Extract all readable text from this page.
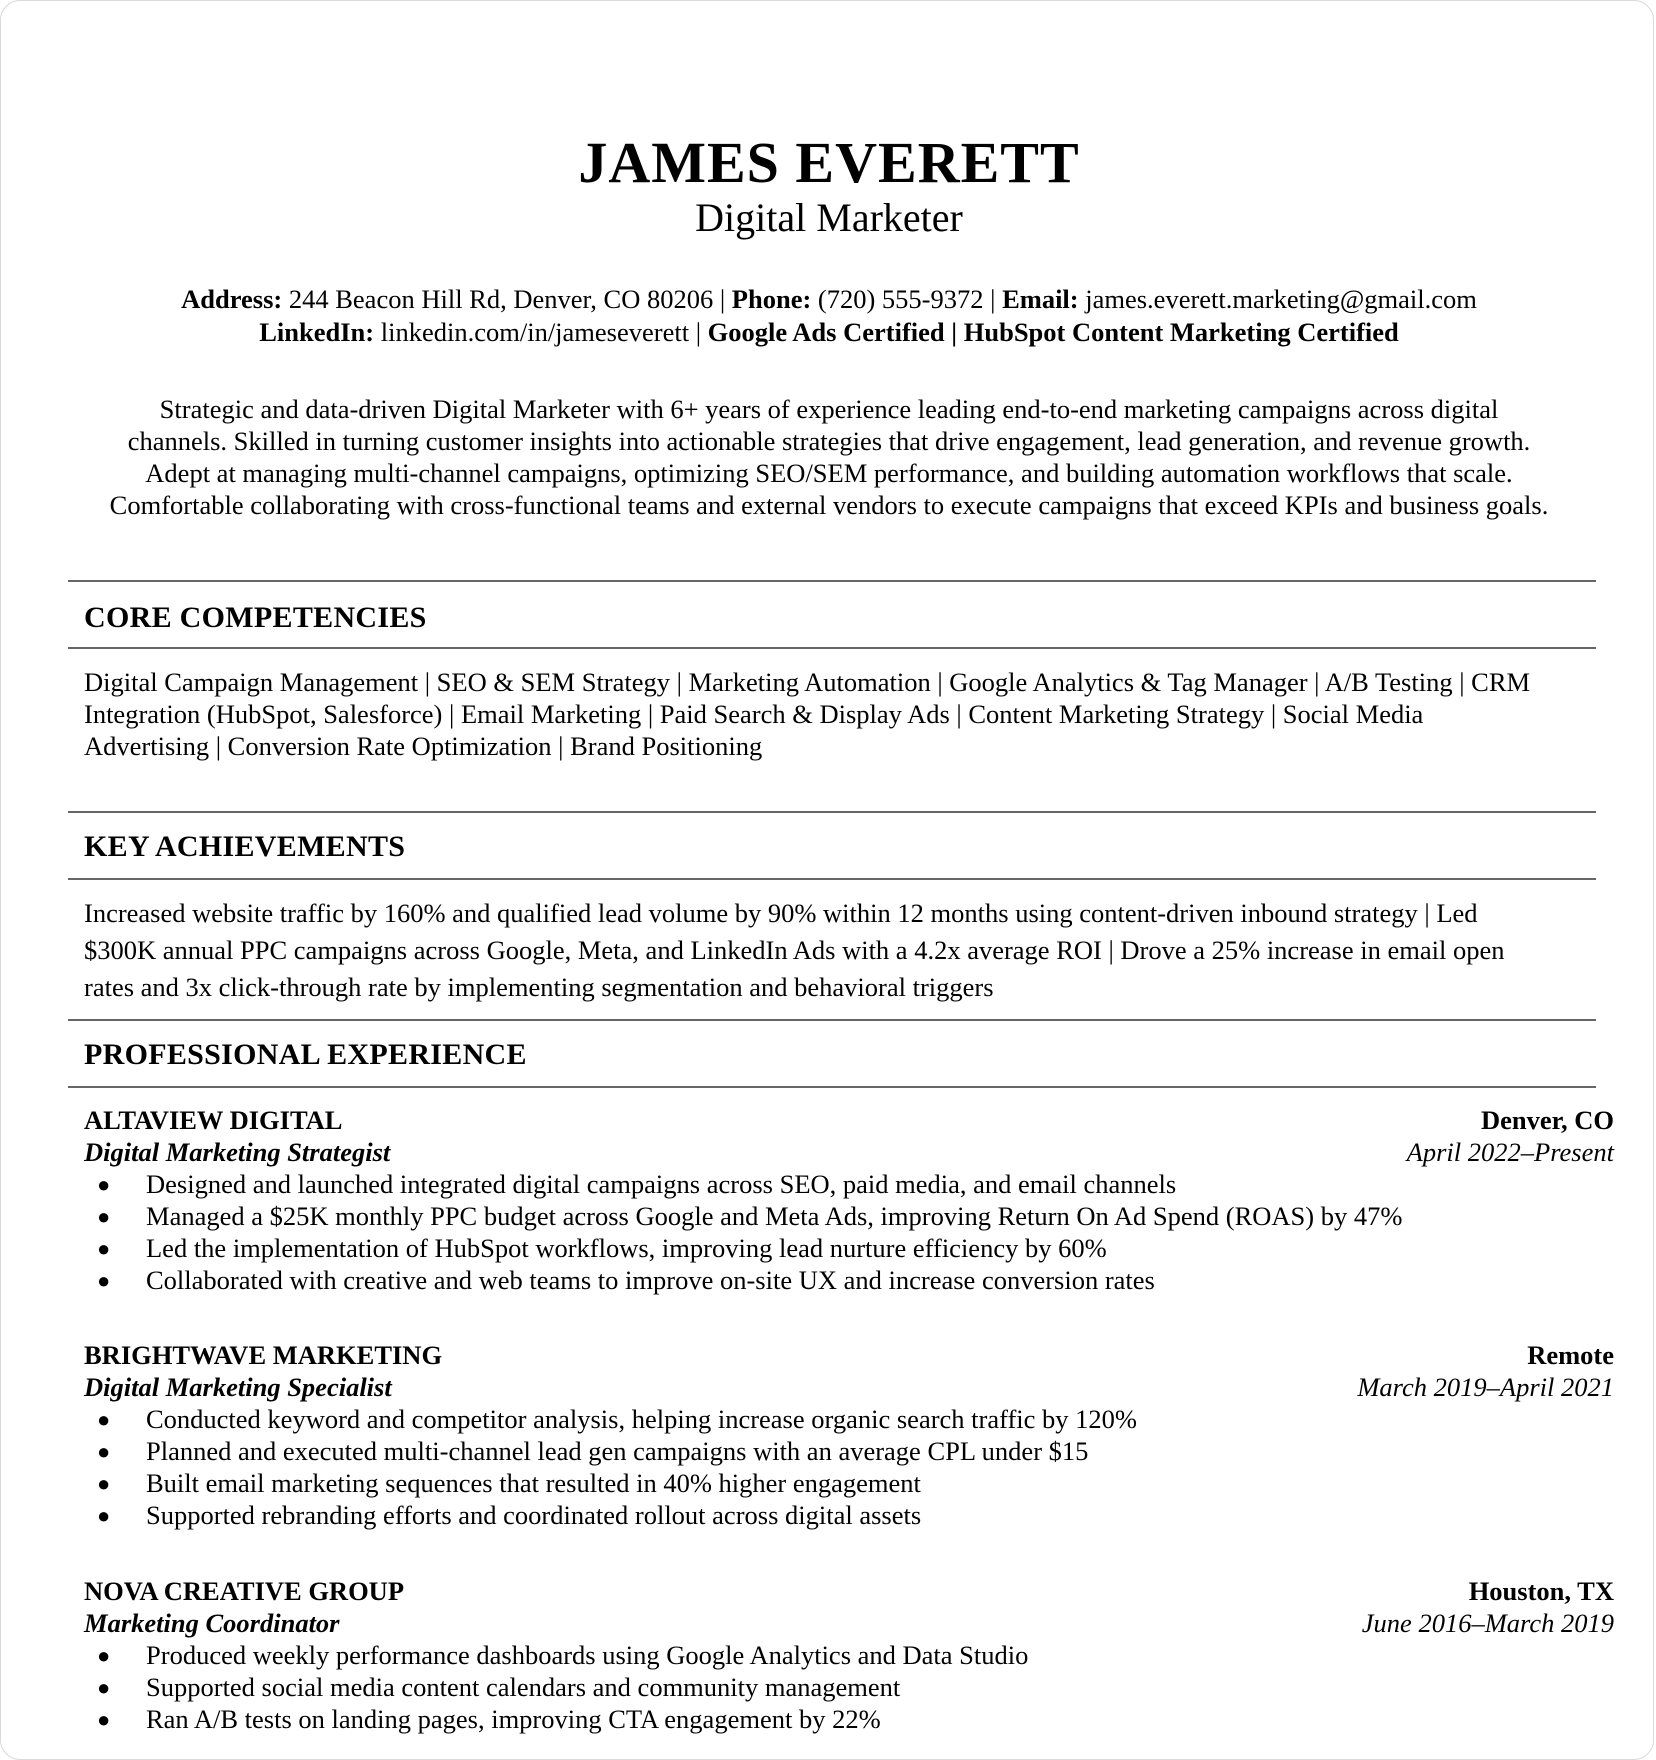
JAMES EVERETT
Digital Marketer
Address: 244 Beacon Hill Rd, Denver, CO 80206 | Phone: (720) 555-9372 | Email: james.everett.marketing@gmail.com
LinkedIn: linkedin.com/in/jameseverett | Google Ads Certified | HubSpot Content Marketing Certified
Strategic and data-driven Digital Marketer with 6+ years of experience leading end-to-end marketing campaigns across digital
channels. Skilled in turning customer insights into actionable strategies that drive engagement, lead generation, and revenue growth.
Adept at managing multi-channel campaigns, optimizing SEO/SEM performance, and building automation workflows that scale.
Comfortable collaborating with cross-functional teams and external vendors to execute campaigns that exceed KPIs and business goals.
CORE COMPETENCIES
Digital Campaign Management | SEO & SEM Strategy | Marketing Automation | Google Analytics & Tag Manager | A/B Testing | CRM
Integration (HubSpot, Salesforce) | Email Marketing | Paid Search & Display Ads | Content Marketing Strategy | Social Media
Advertising | Conversion Rate Optimization | Brand Positioning
KEY ACHIEVEMENTS
Increased website traffic by 160% and qualified lead volume by 90% within 12 months using content-driven inbound strategy | Led
$300K annual PPC campaigns across Google, Meta, and LinkedIn Ads with a 4.2x average ROI | Drove a 25% increase in email open
rates and 3x click-through rate by implementing segmentation and behavioral triggers
PROFESSIONAL EXPERIENCE
ALTAVIEW DIGITAL	Denver, CO
Digital Marketing Strategist	April 2022–Present
● Designed and launched integrated digital campaigns across SEO, paid media, and email channels
● Managed a $25K monthly PPC budget across Google and Meta Ads, improving Return On Ad Spend (ROAS) by 47%
● Led the implementation of HubSpot workflows, improving lead nurture efficiency by 60%
● Collaborated with creative and web teams to improve on-site UX and increase conversion rates
BRIGHTWAVE MARKETING	Remote
Digital Marketing Specialist	March 2019–April 2021
● Conducted keyword and competitor analysis, helping increase organic search traffic by 120%
● Planned and executed multi-channel lead gen campaigns with an average CPL under $15
● Built email marketing sequences that resulted in 40% higher engagement
● Supported rebranding efforts and coordinated rollout across digital assets
NOVA CREATIVE GROUP	Houston, TX
Marketing Coordinator	June 2016–March 2019
● Produced weekly performance dashboards using Google Analytics and Data Studio
● Supported social media content calendars and community management
● Ran A/B tests on landing pages, improving CTA engagement by 22%
